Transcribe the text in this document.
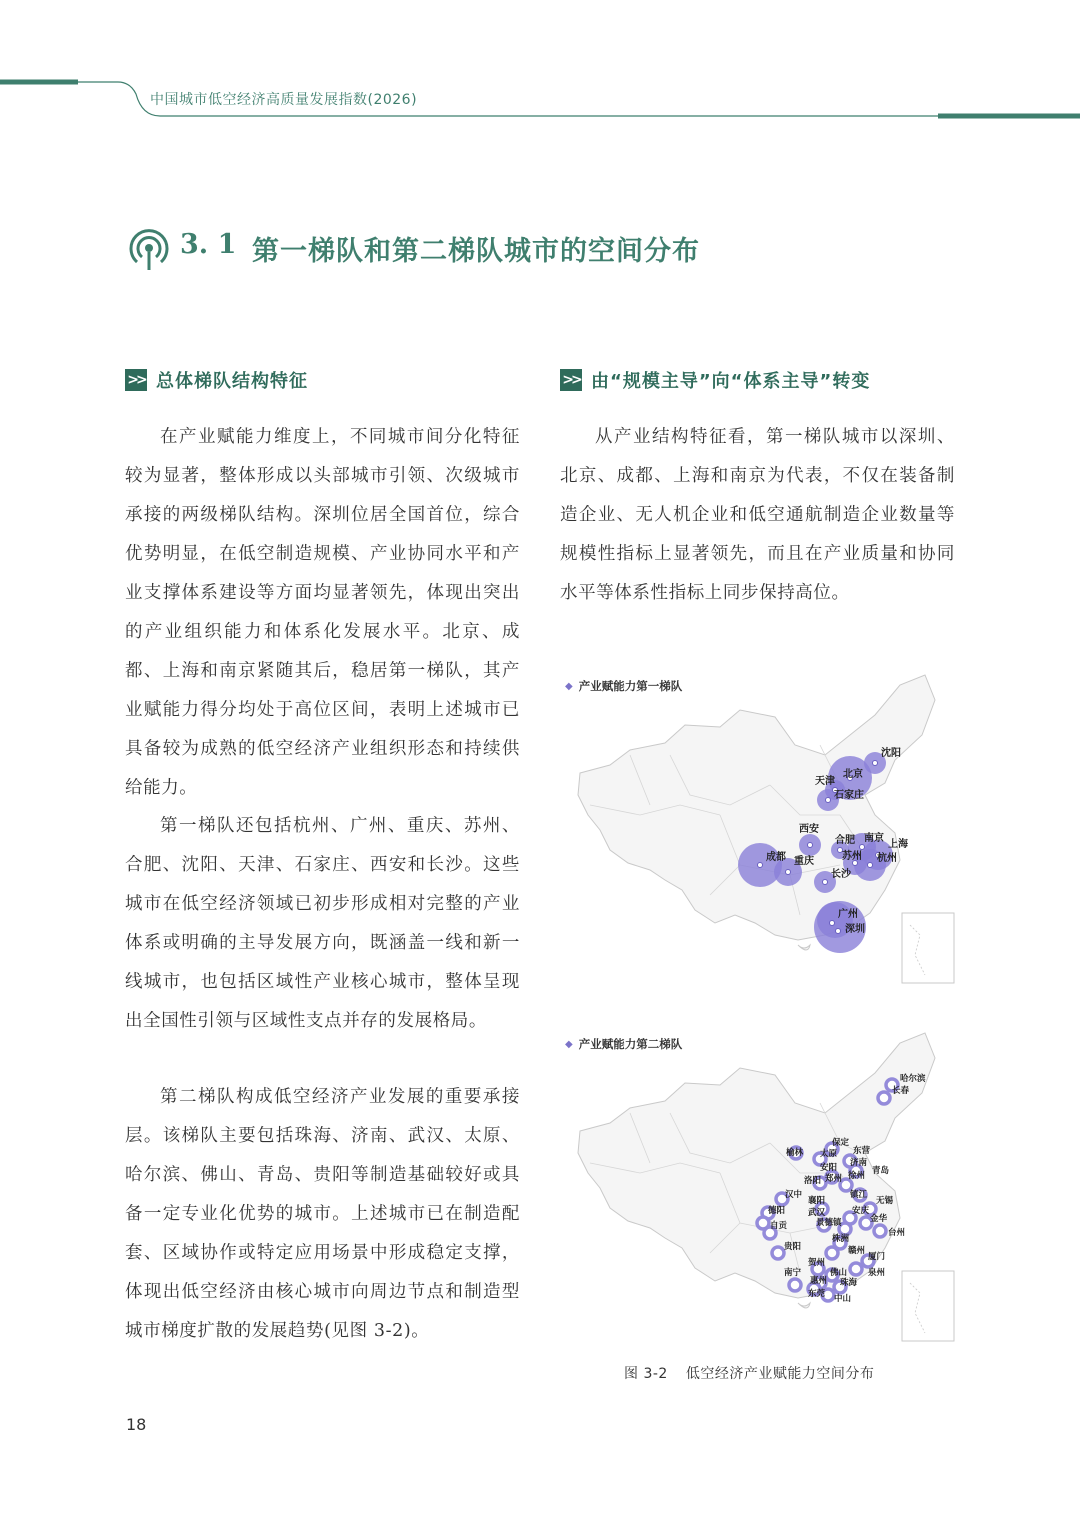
中国城市低空经济高质量发展指数(2026)
3. 1 第一梯队和第二梯队城市的空间分布
>> 总体梯队结构特征	>> 由“规模主导”向“体系主导”转变

在产业赋能力维度上，不同城市间分化特征较为显著，整体形成以头部城市引领、次级城市承接的两级梯队结构。深圳位居全国首位，综合优势明显，在低空制造规模、产业协同水平和产业支撑体系建设等方面均显著领先，体现出突出的产业组织能力和体系化发展水平。北京、成都、上海和南京紧随其后，稳居第一梯队，其产业赋能力得分均处于高位区间，表明上述城市已具备较为成熟的低空经济产业组织形态和持续供给能力。

第一梯队还包括杭州、广州、重庆、苏州、合肥、沈阳、天津、石家庄、西安和长沙。这些城市在低空经济领域已初步形成相对完整的产业体系或明确的主导发展方向，既涵盖一线和新一线城市，也包括区域性产业核心城市，整体呈现出全国性引领与区域性支点并存的发展格局。

第二梯队构成低空经济产业发展的重要承接层。该梯队主要包括珠海、济南、武汉、太原、哈尔滨、佛山、青岛、贵阳等制造基础较好或具备一定专业化优势的城市。上述城市已在制造配套、区域协作或特定应用场景中形成稳定支撑，体现出低空经济由核心城市向周边节点和制造型城市梯度扩散的发展趋势(见图 3-2)。

从产业结构特征看，第一梯队城市以深圳、北京、成都、上海和南京为代表，不仅在装备制造企业、无人机企业和低空通航制造企业数量等规模性指标上显著领先，而且在产业质量和协同水平等体系性指标上同步保持高位。

◆ 产业赋能力第一梯队
沈阳
北京
天津
石家庄
西安
合肥 南京
上海
苏州 杭州
成都 重庆
长沙
广州
深圳
◆ 产业赋能力第二梯队
哈尔滨
长春
保定
东营
榆林 太原
济南
安阳	青岛
洛阳 郑州 徐州
汉中	镇江
无锡
德阳
襄阳
武汉	安庆
自贡	景德镇	金华
台州
株洲
贵阳	赣州
厦门
贺州
佛山 泉州
南宁
惠州 珠海
东莞 中山
图 3-2 低空经济产业赋能力空间分布
18
